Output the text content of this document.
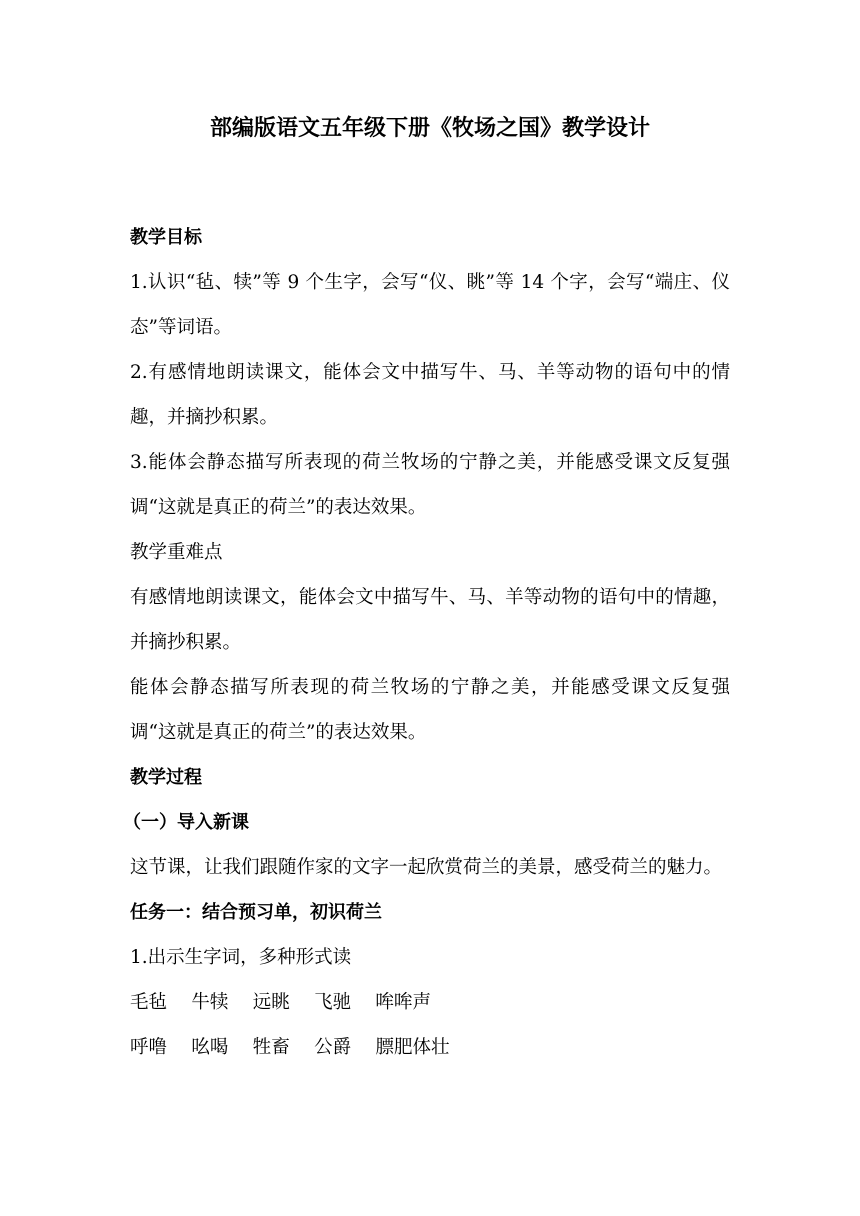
部编版语文五年级下册《牧场之国》教学设计

教学目标

1.认识“毡、犊”等 9 个生字，会写“仪、眺”等 14 个字，会写“端庄、仪态”等词语。

2.有感情地朗读课文，能体会文中描写牛、马、羊等动物的语句中的情趣，并摘抄积累。

3.能体会静态描写所表现的荷兰牧场的宁静之美，并能感受课文反复强调“这就是真正的荷兰”的表达效果。

教学重难点

有感情地朗读课文，能体会文中描写牛、马、羊等动物的语句中的情趣，并摘抄积累。

能体会静态描写所表现的荷兰牧场的宁静之美，并能感受课文反复强调“这就是真正的荷兰”的表达效果。

教学过程

（一）导入新课

这节课，让我们跟随作家的文字一起欣赏荷兰的美景，感受荷兰的魅力。

任务一：结合预习单，初识荷兰

1.出示生字词，多种形式读

毛毡　 牛犊　 远眺　 飞驰　 哞哞声

呼噜　 吆喝　 牲畜　 公爵　 膘肥体壮
